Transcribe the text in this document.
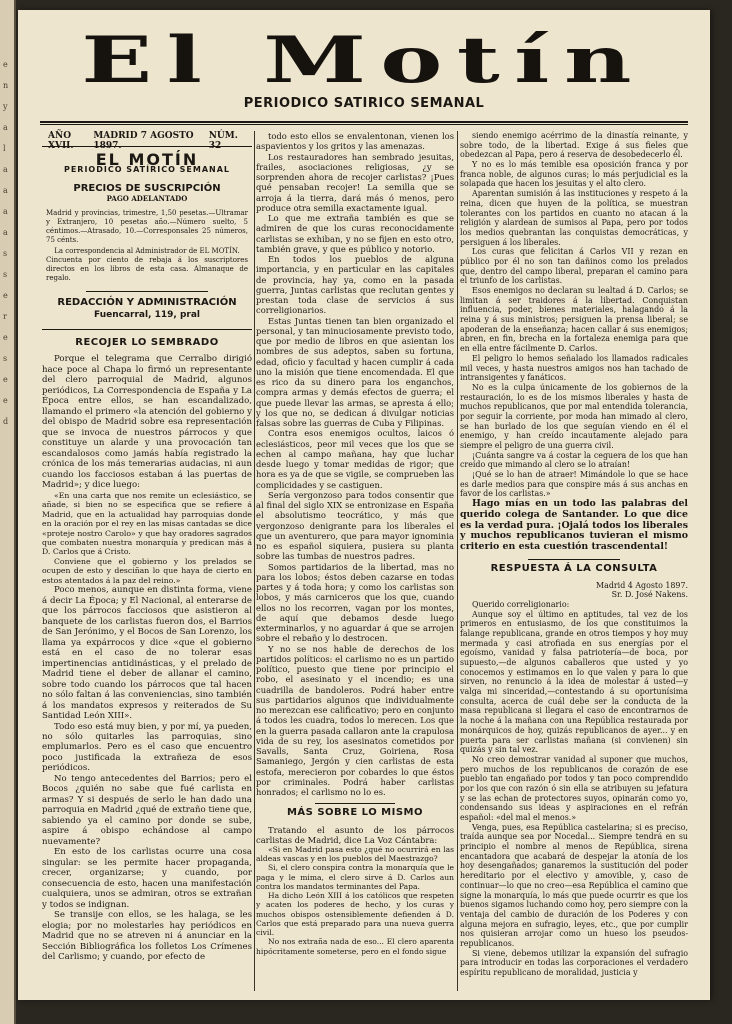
e
n
y
a
l
a
a
a
a
s
s
e
r
e
s
e
e
d
El Motín
PERIODICO SATIRICO SEMANAL
AÑO XVII.
MADRID 7 AGOSTO 1897.
NÚM. 32
EL MOTÍN
PERIODICO SATÍRICO SEMANAL
PRECIOS DE SUSCRIPCIÓN
PAGO ADELANTADO
Madrid y provincias, trimestre, 1,50 pesetas.—Ultramar y Extranjero, 10 pesetas año.—Número suelto, 5 céntimos.—Atrasado, 10.—Corresponsales 25 números, 75 cénts.
La correspondencia al Administrador de EL MOTÍN.
Cincuenta por ciento de rebaja á los suscriptores directos en los libros de esta casa. Almanaque de regalo.
REDACCIÓN Y ADMINISTRACIÓN
Fuencarral, 119, pral
RECOJER LO SEMBRADO

Porque el telegrama que Cerralbo dirigió hace poce al Chapa lo firmó un representante del clero parroquial de Madrid, algunos periódicos, La Correspondencia de España y La Época entre ellos, se han escandalizado, llamando el primero «la atención del gobierno y del obispo de Madrid sobre esa representación que se invoca de nuestros párrocos y que constituye un alarde y una provocación tan escandalosos como jamás había registrado la crónica de los más temerarias audacias, ni aun cuando los facciosos estaban á las puertas de Madrid»; y dice luego:

«En una carta que nos remite un eclesiástico, se añade, si bien no se especifica que se refiere á Madrid, que en la actualidad hay parroquias donde en la oración por el rey en las misas cantadas se dice «proteje nostro Carolo» y que hay oradores sagrados que combaten nuestra monarquía y predican más á D. Carlos que á Cristo.

Conviene que el gobierno y los prelados se ocupen de esto y desciñan lo que haya de cierto en estos atentados á la paz del reino.»

Poco menos, aunque en distinta forma, viene á decir La Época; y El Nacional, al enterarse de que los párrocos facciosos que asistieron al banquete de los carlistas fueron dos, el Barrios de San Jerónimo, y el Bocos de San Lorenzo, los llama ya expárrocos y dice «que el gobierno está en el caso de no tolerar esas impertinencias antidinásticas, y el prelado de Madrid tiene el deber de allanar el camino, sobre todo cuando los párrocos que tal hacen no sólo faltan á las conveniencias, sino también á los mandatos expresos y reiterados de Su Santidad León XIII».

Todo eso está muy bien, y por mí, ya pueden, no sólo quitarles las parroquias, sino emplumarlos. Pero es el caso que encuentro poco justificada la extrañeza de esos periódicos.

No tengo antecedentes del Barrios; pero el Bocos ¿quién no sabe que fué carlista en armas? Y si después de serlo le han dado una parroquia en Madrid ¿qué de extraño tiene que, sabiendo ya el camino por donde se sube, aspire á obispo echándose al campo nuevamente?

En esto de los carlistas ocurre una cosa singular: se les permite hacer propaganda, crecer, organizarse; y cuando, por consecuencia de esto, hacen una manifestación cualquiera, unos se admiran, otros se extrañan y todos se indignan.

Se transije con ellos, se les halaga, se les elogia; por no molestarles hay periódicos en Madrid que no se atreven ni á anunciar en la Sección Bibliográfica los folletos Los Crímenes del Carlismo; y cuando, por efecto de

todo esto ellos se envalentonan, vienen los aspavientos y los gritos y las amenazas.

Los restauradores han sembrado jesuitas, frailes, asociaciones religiosas, ¿y se sorprenden ahora de recojer carlistas? ¡Pues qué pensaban recojer! La semilla que se arroja á la tierra, dará más ó menos, pero produce otra semilla exactamente igual.

Lo que me extraña también es que se admiren de que los curas reconocidamente carlistas se exhiban, y no se fijen en esto otro, también grave, y que es público y notorio.

En todos los pueblos de alguna importancia, y en particular en las capitales de provincia, hay ya, como en la pasada guerra, Juntas carlistas que reclutan gentes y prestan toda clase de servicios á sus correligionarios.

Estas Juntas tienen tan bien organizado el personal, y tan minuciosamente previsto todo, que por medio de libros en que asientan los nombres de sus adeptos, saben su fortuna, edad, oficio y facultad y hacen cumplir á cada uno la misión que tiene encomendada. El que es rico da su dinero para los enganchos, compra armas y demás efectos de guerra; el que puede llevar las armas, se apresta á ello; y los que no, se dedican á divulgar noticias falsas sobre las guerras de Cuba y Filipinas.

Contra esos enemigos ocultos, laicos ó eclesiásticos, peor mil veces que los que se echen al campo mañana, hay que luchar desde luego y tomar medidas de rigor; que hora es ya de que se vigile, se comprueben las complicidades y se castiguen.

Sería vergonzoso para todos consentir que al final del siglo XIX se entronizase en España el absolutismo teocrático, y más que vergonzoso denigrante para los liberales el que un aventurero, que para mayor ignominia no es español siquiera, pusiera su planta sobre las tumbas de nuestros padres.

Somos partidarios de la libertad, mas no para los lobos; éstos deben cazarse en todas partes y á toda hora; y como los carlistas son lobos, y más carniceros que los que, cuando ellos no los recorren, vagan por los montes, de aquí que debamos desde luego exterminarlos, y no aguardar á que se arrojen sobre el rebaño y lo destrocen.

Y no se nos hable de derechos de los partidos políticos: el carlismo no es un partido político, puesto que tiene por principio el robo, el asesinato y el incendio; es una cuadrilla de bandoleros. Podrá haber entre sus partidarios algunos que individualmente no merezcan ese calificativo; pero en conjunto á todos les cuadra, todos lo merecen. Los que en la guerra pasada callaron ante la crapulosa vida de su rey, los asesinatos cometidos por Savalls, Santa Cruz, Goiriena, Rosa Samaniego, Jergón y cien carlistas de esta estofa, merecieron por cobardes lo que éstos por criminales. Podrá haber carlistas honrados; el carlismo no lo es.

MÁS SOBRE LO MISMO

Tratando el asunto de los párrocos carlistas de Madrid, dice La Voz Cántabra:

«Si en Madrid pasa esto ¿qué no ocurrirá en las aldeas vascas y en los pueblos del Maestrazgo?

Si, el clero conspira contra la monarquía que le paga y le mima, el clero sirve á D. Carlos aun contra los mandatos terminantes del Papa.

Ha dicho León XIII á los católicos que respeten y acaten los poderes de hecho, y los curas y muchos obispos ostensiblemente defienden á D. Carlos que está preparado para una nueva guerra civil.

No nos extraña nada de eso... El clero aparenta hipócritamente someterse, pero en el fondo sigue

siendo enemigo acérrimo de la dinastía reinante, y sobre todo, de la libertad. Exige á sus fieles que obedezcan al Papa, pero á reserva de desobedecerlo él.

Y no es lo más temible esa oposición franca y por franca noble, de algunos curas; lo más perjudicial es la solapada que hacen los jesuitas y el alto clero.

Aparentan sumisión á las instituciones y respeto á la reina, dicen que huyen de la política, se muestran tolerantes con los partidos en cuanto no atacan á la religión y alardean de sumisos al Papa, pero por todos los medios quebrantan las conquistas democráticas, y persiguen á los liberales.

Los curas que felicitan á Carlos VII y rezan en público por él no son tan dañinos como los prelados que, dentro del campo liberal, preparan el camino para el triunfo de los carlistas.

Esos enemigos no declaran su lealtad á D. Carlos; se limitan á ser traidores á la libertad. Conquistan influencia, poder, bienes materiales, halagando á la reina y á sus ministros; persiguen la prensa liberal; se apoderan de la enseñanza; hacen callar á sus enemigos; abren, en fin, brecha en la fortaleza enemiga para que en ella entre fácilmente D. Carlos.

El peligro lo hemos señalado los llamados radicales mil veces, y hasta nuestros amigos nos han tachado de intransigentes y fanáticos.

No es la culpa únicamente de los gobiernos de la restauración, lo es de los mismos liberales y hasta de muchos republicanos, que por mal entendida tolerancia, por seguir la corriente, por moda han mimado al clero, se han burlado de los que seguían viendo en él el enemigo, y han creído incautamente alejado para siempre el peligro de una guerra civil.

¡Cuánta sangre va á costar la ceguera de los que han creído que mimando al clero se lo atraían!

¡Qué se lo han de atraer! Mimándole lo que se hace es darle medios para que conspire más á sus anchas en favor de los carlistas.»

Hago mías en un todo las palabras del querido colega de Santander. Lo que dice es la verdad pura. ¡Ojalá todos los liberales y muchos republicanos tuvieran el mismo criterio en esta cuestión trascendental!

RESPUESTA Á LA CONSULTA

Madrid 4 Agosto 1897.

Sr. D. José Nakens.

Querido correligionario:

Aunque soy el último en aptitudes, tal vez de los primeros en entusiasmo, de los que constituimos la falange republicana, grande en otros tiempos y hoy muy mermada y casi atrofiada en sus energías por el egoísmo, vanidad y falsa patriotería—de boca, por supuesto,—de algunos caballeros que usted y yo conocemos y estimamos en lo que valen y para lo que sirven, no renuncio á la idea de molestar á usted—y valga mi sinceridad,—contestando á su oportunísima consulta, acerca de cuál debe ser la conducta de la masa republicana si llegara el caso de encontrarnos de la noche á la mañana con una República restaurada por monárquicos de hoy, quizás republicanos de ayer... y en puerta para ser carlistas mañana (si convienen) sin quizás y sin tal vez.

No creo demostrar vanidad al suponer que muchos, pero muchos de los republicanos de corazón de ese pueblo tan engañado por todos y tan poco comprendido por los que con razón ó sin ella se atribuyen su jefatura y se las echan de protectores suyos, opinarán como yo, condensando sus ideas y aspiraciones en el refrán español: «del mal el menos.»

Venga, pues, esa República castelarina; si es preciso, traída aunque sea por Nocedal... Siempre tendrá en su principio el nombre al menos de República, sirena encantadora que acabará de despejar la atonía de los hoy desengañados; ganaremos la sustitución del poder hereditario por el electivo y amovible, y, caso de continuar—lo que no creo—esa República el camino que signe la monarquía, lo más que puede ocurrir es que los buenos sigamos luchando como hoy, pero siempre con la ventaja del cambio de duración de los Poderes y con alguna mejora en sufragio, leyes, etc., que por cumplir nos quisieran arrojar como un hueso los pseudos-republicanos.

Si viene, debemos utilizar la expansión del sufragio para introducir en todas las corporaciones el verdadero espíritu republicano de moralidad, justicia y
